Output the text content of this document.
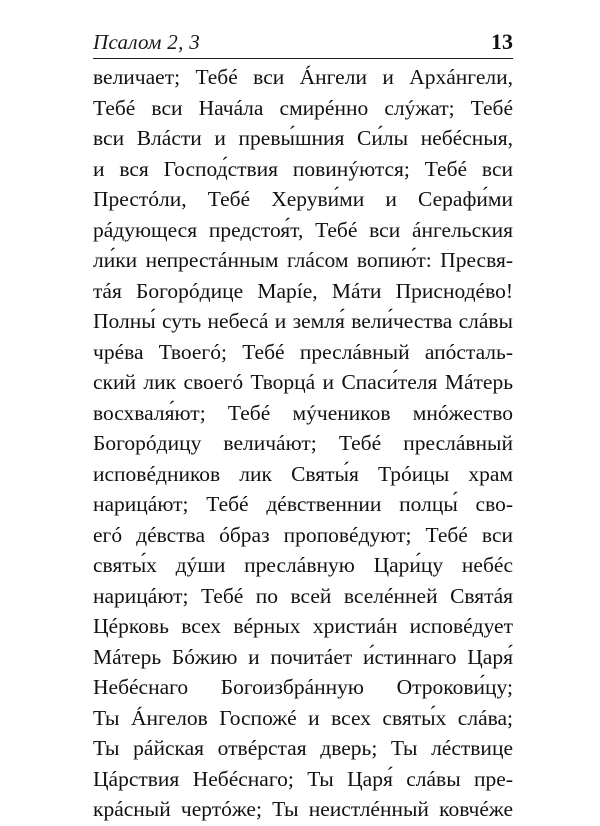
Псалом 2, 3	13
величает; Тебé вси Áнгели и Архáнгели,
Тебé вси Начáла смирéнно слýжат; Тебé
вси Влáсти и превы́шния Си́лы небéсныя,
и вся Господ́ствия повинýются; Тебé вси
Престóли, Тебé Херуви́ми и Серафи́ми
рáдующеся предстоя́т, Тебé вси áнгельския
ли́ки непрестáнным глáсом вопию́т: Пресвя-
тáя Богорóдице Марíе, Мáти Приснодéво!
Полны́ суть небесá и земля́ вели́чества слáвы
чрéва Твоегó; Тебé преслáвный апóсталь-
ский лик своегó Творцá и Спаси́теля Мáтерь
восхваля́ют; Тебé мýчеников мнóжество
Богорóдицу величáют; Тебé преслáвный
исповéдников лик Святы́я Трóицы храм
нарицáют; Тебé дéвственнии полцы́ сво-
егó дéвства óбраз проповéдуют; Тебé вси
святы́х дýши преслáвную Цари́цу небéс
нарицáют; Тебé по всей вселéнней Святáя
Цéрковь всех вéрных христиáн исповéдует
Мáтерь Бóжию и почитáет и́стиннаго Царя́
Небéснаго Богоизбрáнную Отрокови́цу;
Ты Áнгелов Госпожé и всех святы́х слáва;
Ты рáйская отвéрстая дверь; Ты лéствице
Цáрствия Небéснаго; Ты Царя́ слáвы пре-
крáсный чертóже; Ты неистлéнный ковчéже
